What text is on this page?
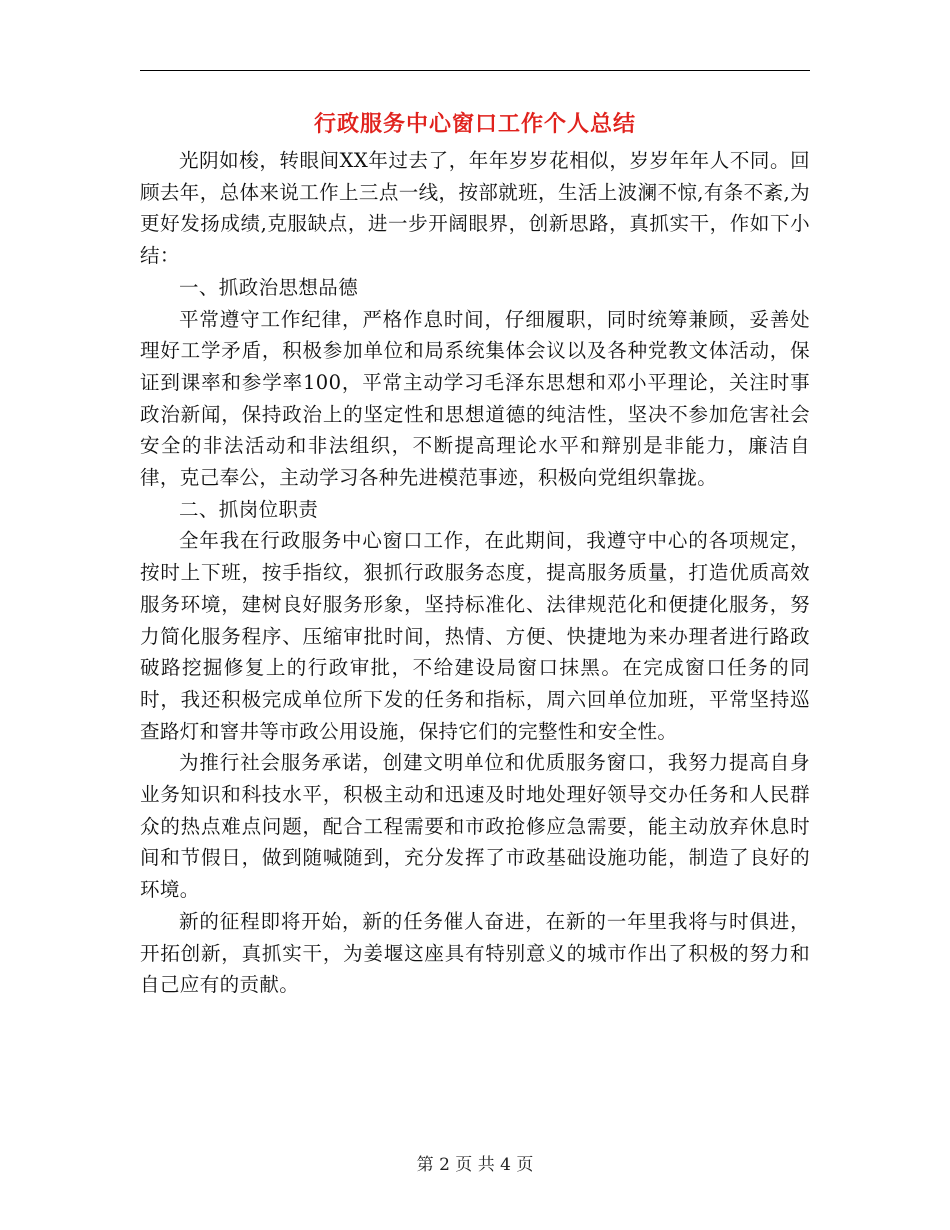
行政服务中心窗口工作个人总结

光阴如梭，转眼间XX年过去了，年年岁岁花相似，岁岁年年人不同。回顾去年，总体来说工作上三点一线，按部就班，生活上波澜不惊,有条不紊,为更好发扬成绩,克服缺点，进一步开阔眼界，创新思路，真抓实干，作如下小结：

一、抓政治思想品德

平常遵守工作纪律，严格作息时间，仔细履职，同时统筹兼顾，妥善处理好工学矛盾，积极参加单位和局系统集体会议以及各种党教文体活动，保证到课率和参学率100，平常主动学习毛泽东思想和邓小平理论，关注时事政治新闻，保持政治上的坚定性和思想道德的纯洁性，坚决不参加危害社会安全的非法活动和非法组织，不断提高理论水平和辩别是非能力，廉洁自律，克己奉公，主动学习各种先进模范事迹，积极向党组织靠拢。

二、抓岗位职责

全年我在行政服务中心窗口工作，在此期间，我遵守中心的各项规定，按时上下班，按手指纹，狠抓行政服务态度，提高服务质量，打造优质高效服务环境，建树良好服务形象，坚持标准化、法律规范化和便捷化服务，努力简化服务程序、压缩审批时间，热情、方便、快捷地为来办理者进行路政破路挖掘修复上的行政审批，不给建设局窗口抹黑。在完成窗口任务的同时，我还积极完成单位所下发的任务和指标，周六回单位加班，平常坚持巡查路灯和窨井等市政公用设施，保持它们的完整性和安全性。

为推行社会服务承诺，创建文明单位和优质服务窗口，我努力提高自身业务知识和科技水平，积极主动和迅速及时地处理好领导交办任务和人民群众的热点难点问题，配合工程需要和市政抢修应急需要，能主动放弃休息时间和节假日，做到随喊随到，充分发挥了市政基础设施功能，制造了良好的环境。

新的征程即将开始，新的任务催人奋进，在新的一年里我将与时俱进，开拓创新，真抓实干，为姜堰这座具有特别意义的城市作出了积极的努力和自己应有的贡献。

第 2 页 共 4 页
